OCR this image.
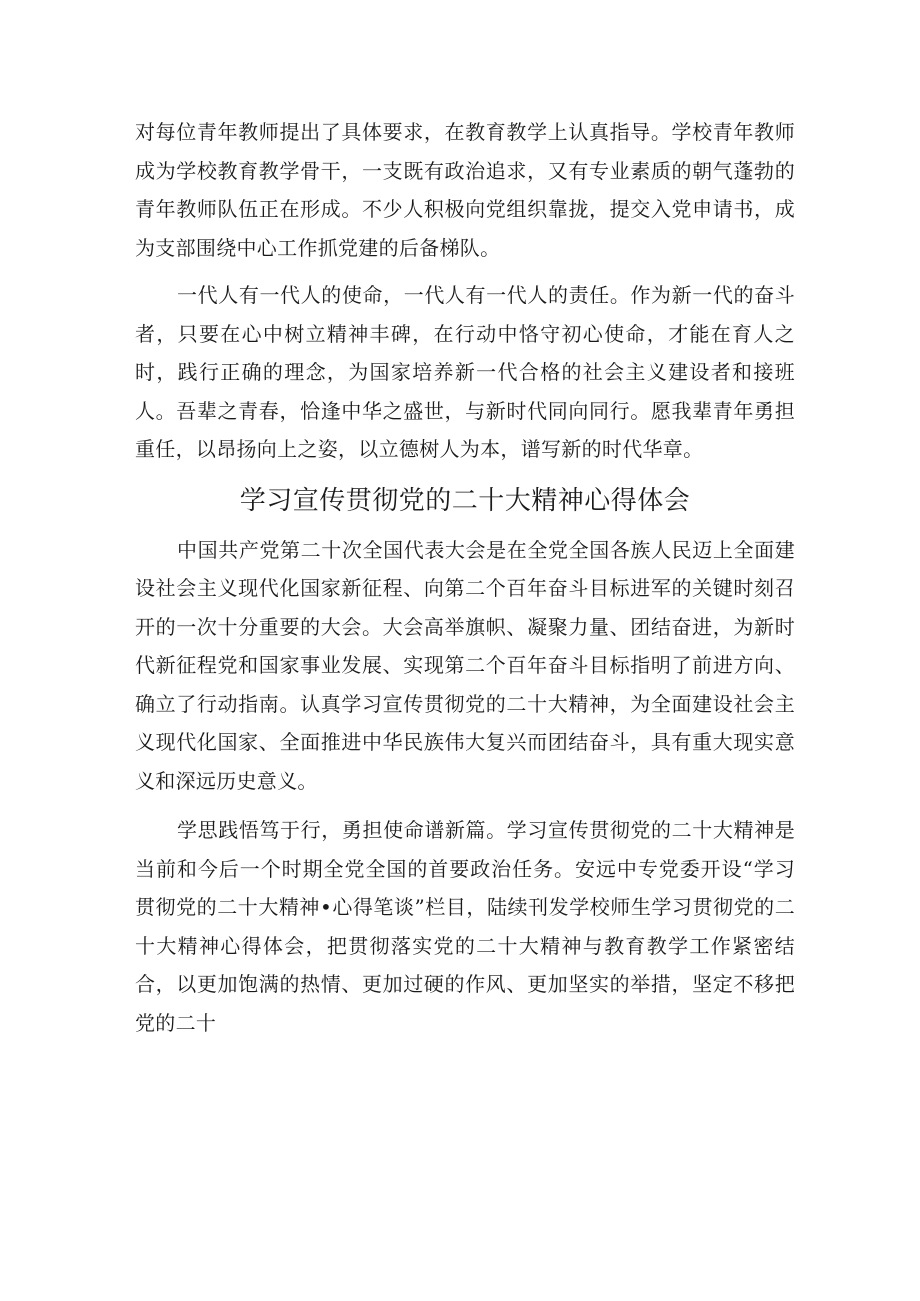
对每位青年教师提出了具体要求，在教育教学上认真指导。学校青年教师成为学校教育教学骨干，一支既有政治追求，又有专业素质的朝气蓬勃的青年教师队伍正在形成。不少人积极向党组织靠拢，提交入党申请书，成为支部围绕中心工作抓党建的后备梯队。

一代人有一代人的使命，一代人有一代人的责任。作为新一代的奋斗者，只要在心中树立精神丰碑，在行动中恪守初心使命，才能在育人之时，践行正确的理念，为国家培养新一代合格的社会主义建设者和接班人。吾辈之青春，恰逢中华之盛世，与新时代同向同行。愿我辈青年勇担重任，以昂扬向上之姿，以立德树人为本，谱写新的时代华章。

学习宣传贯彻党的二十大精神心得体会

中国共产党第二十次全国代表大会是在全党全国各族人民迈上全面建设社会主义现代化国家新征程、向第二个百年奋斗目标进军的关键时刻召开的一次十分重要的大会。大会高举旗帜、凝聚力量、团结奋进，为新时代新征程党和国家事业发展、实现第二个百年奋斗目标指明了前进方向、确立了行动指南。认真学习宣传贯彻党的二十大精神，为全面建设社会主义现代化国家、全面推进中华民族伟大复兴而团结奋斗，具有重大现实意义和深远历史意义。

学思践悟笃于行，勇担使命谱新篇。学习宣传贯彻党的二十大精神是当前和今后一个时期全党全国的首要政治任务。安远中专党委开设“学习贯彻党的二十大精神•心得笔谈”栏目，陆续刊发学校师生学习贯彻党的二十大精神心得体会，把贯彻落实党的二十大精神与教育教学工作紧密结合，以更加饱满的热情、更加过硬的作风、更加坚实的举措，坚定不移把党的二十
